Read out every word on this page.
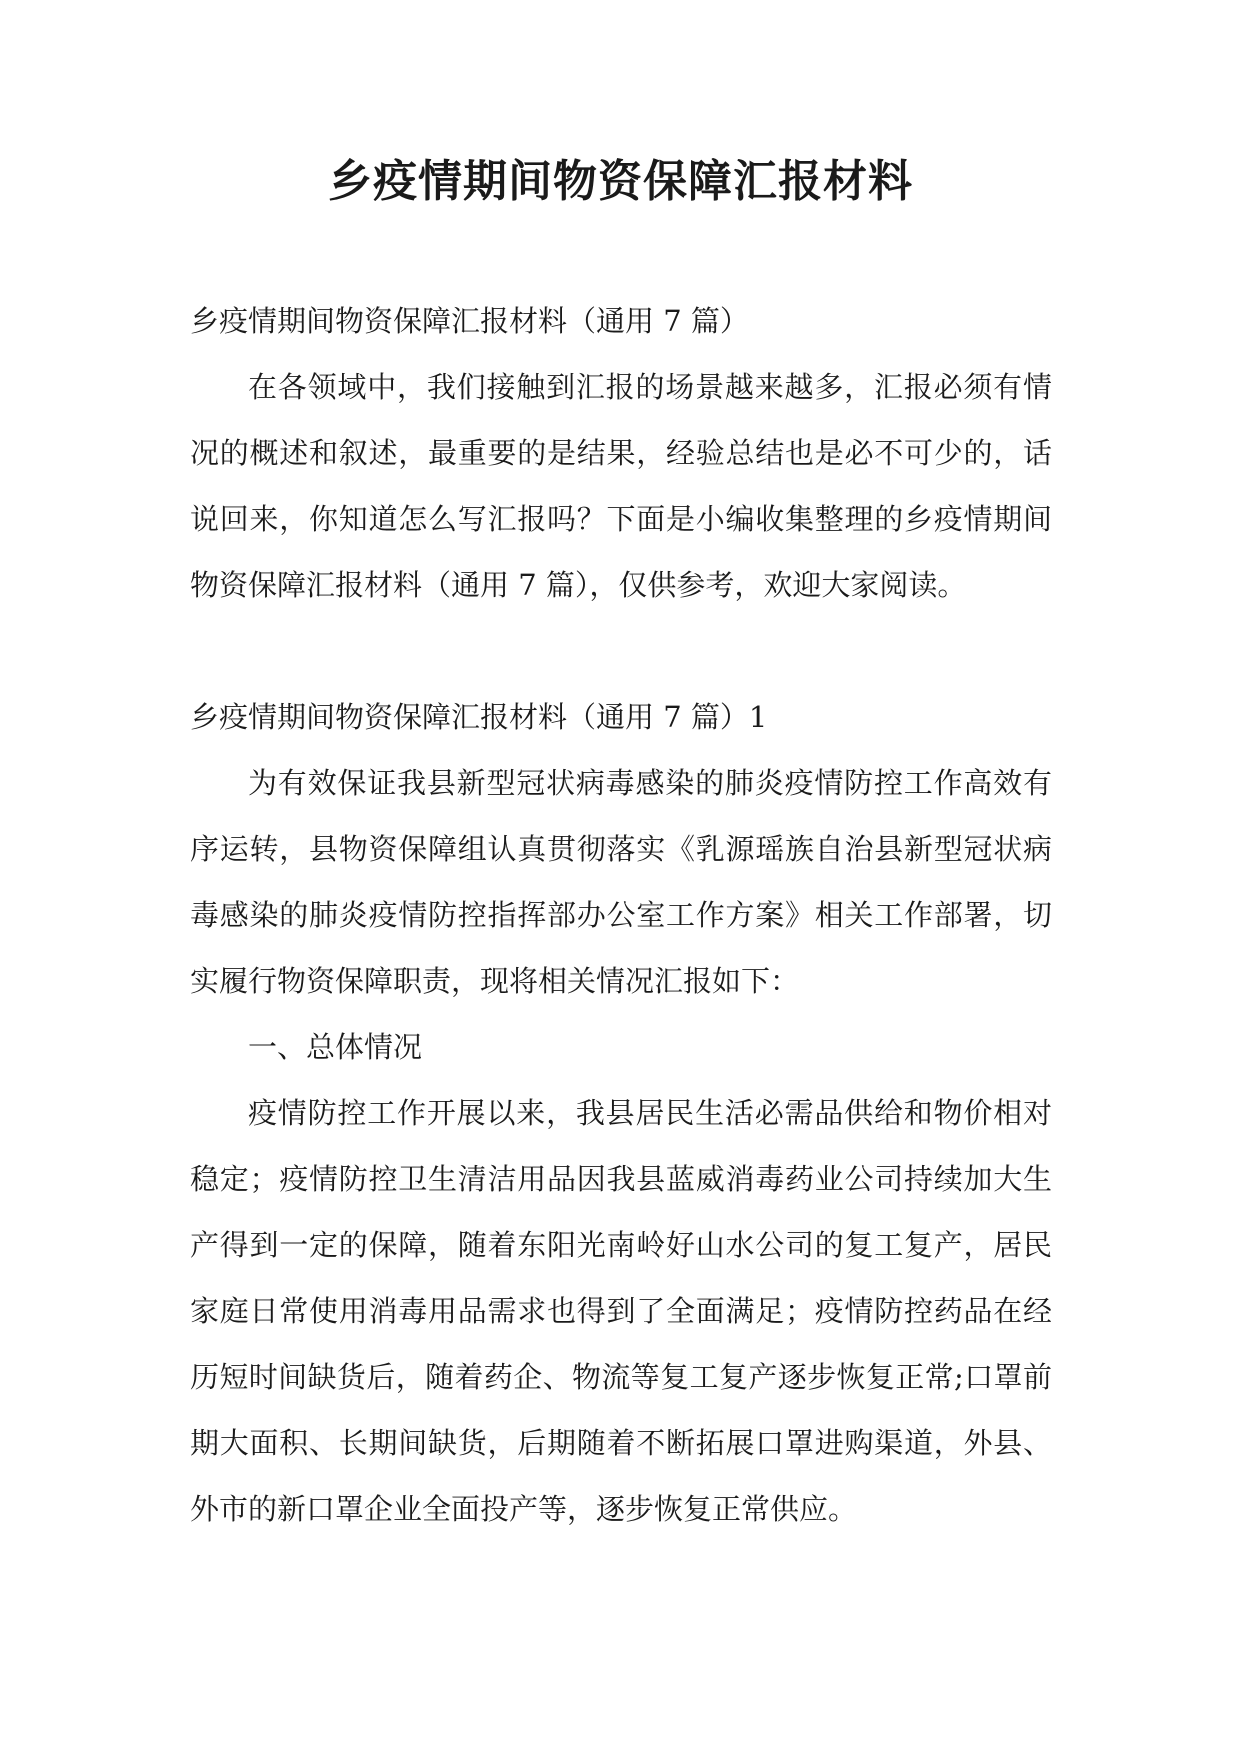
乡疫情期间物资保障汇报材料

乡疫情期间物资保障汇报材料（通用 7 篇）

在各领域中，我们接触到汇报的场景越来越多，汇报必须有情况的概述和叙述，最重要的是结果，经验总结也是必不可少的，话说回来，你知道怎么写汇报吗？下面是小编收集整理的乡疫情期间物资保障汇报材料（通用 7 篇），仅供参考，欢迎大家阅读。

乡疫情期间物资保障汇报材料（通用 7 篇）1

为有效保证我县新型冠状病毒感染的肺炎疫情防控工作高效有序运转，县物资保障组认真贯彻落实《乳源瑶族自治县新型冠状病毒感染的肺炎疫情防控指挥部办公室工作方案》相关工作部署，切实履行物资保障职责，现将相关情况汇报如下：

一、总体情况

疫情防控工作开展以来，我县居民生活必需品供给和物价相对稳定；疫情防控卫生清洁用品因我县蓝威消毒药业公司持续加大生产得到一定的保障，随着东阳光南岭好山水公司的复工复产，居民家庭日常使用消毒用品需求也得到了全面满足；疫情防控药品在经历短时间缺货后，随着药企、物流等复工复产逐步恢复正常;口罩前期大面积、长期间缺货，后期随着不断拓展口罩进购渠道，外县、外市的新口罩企业全面投产等，逐步恢复正常供应。
